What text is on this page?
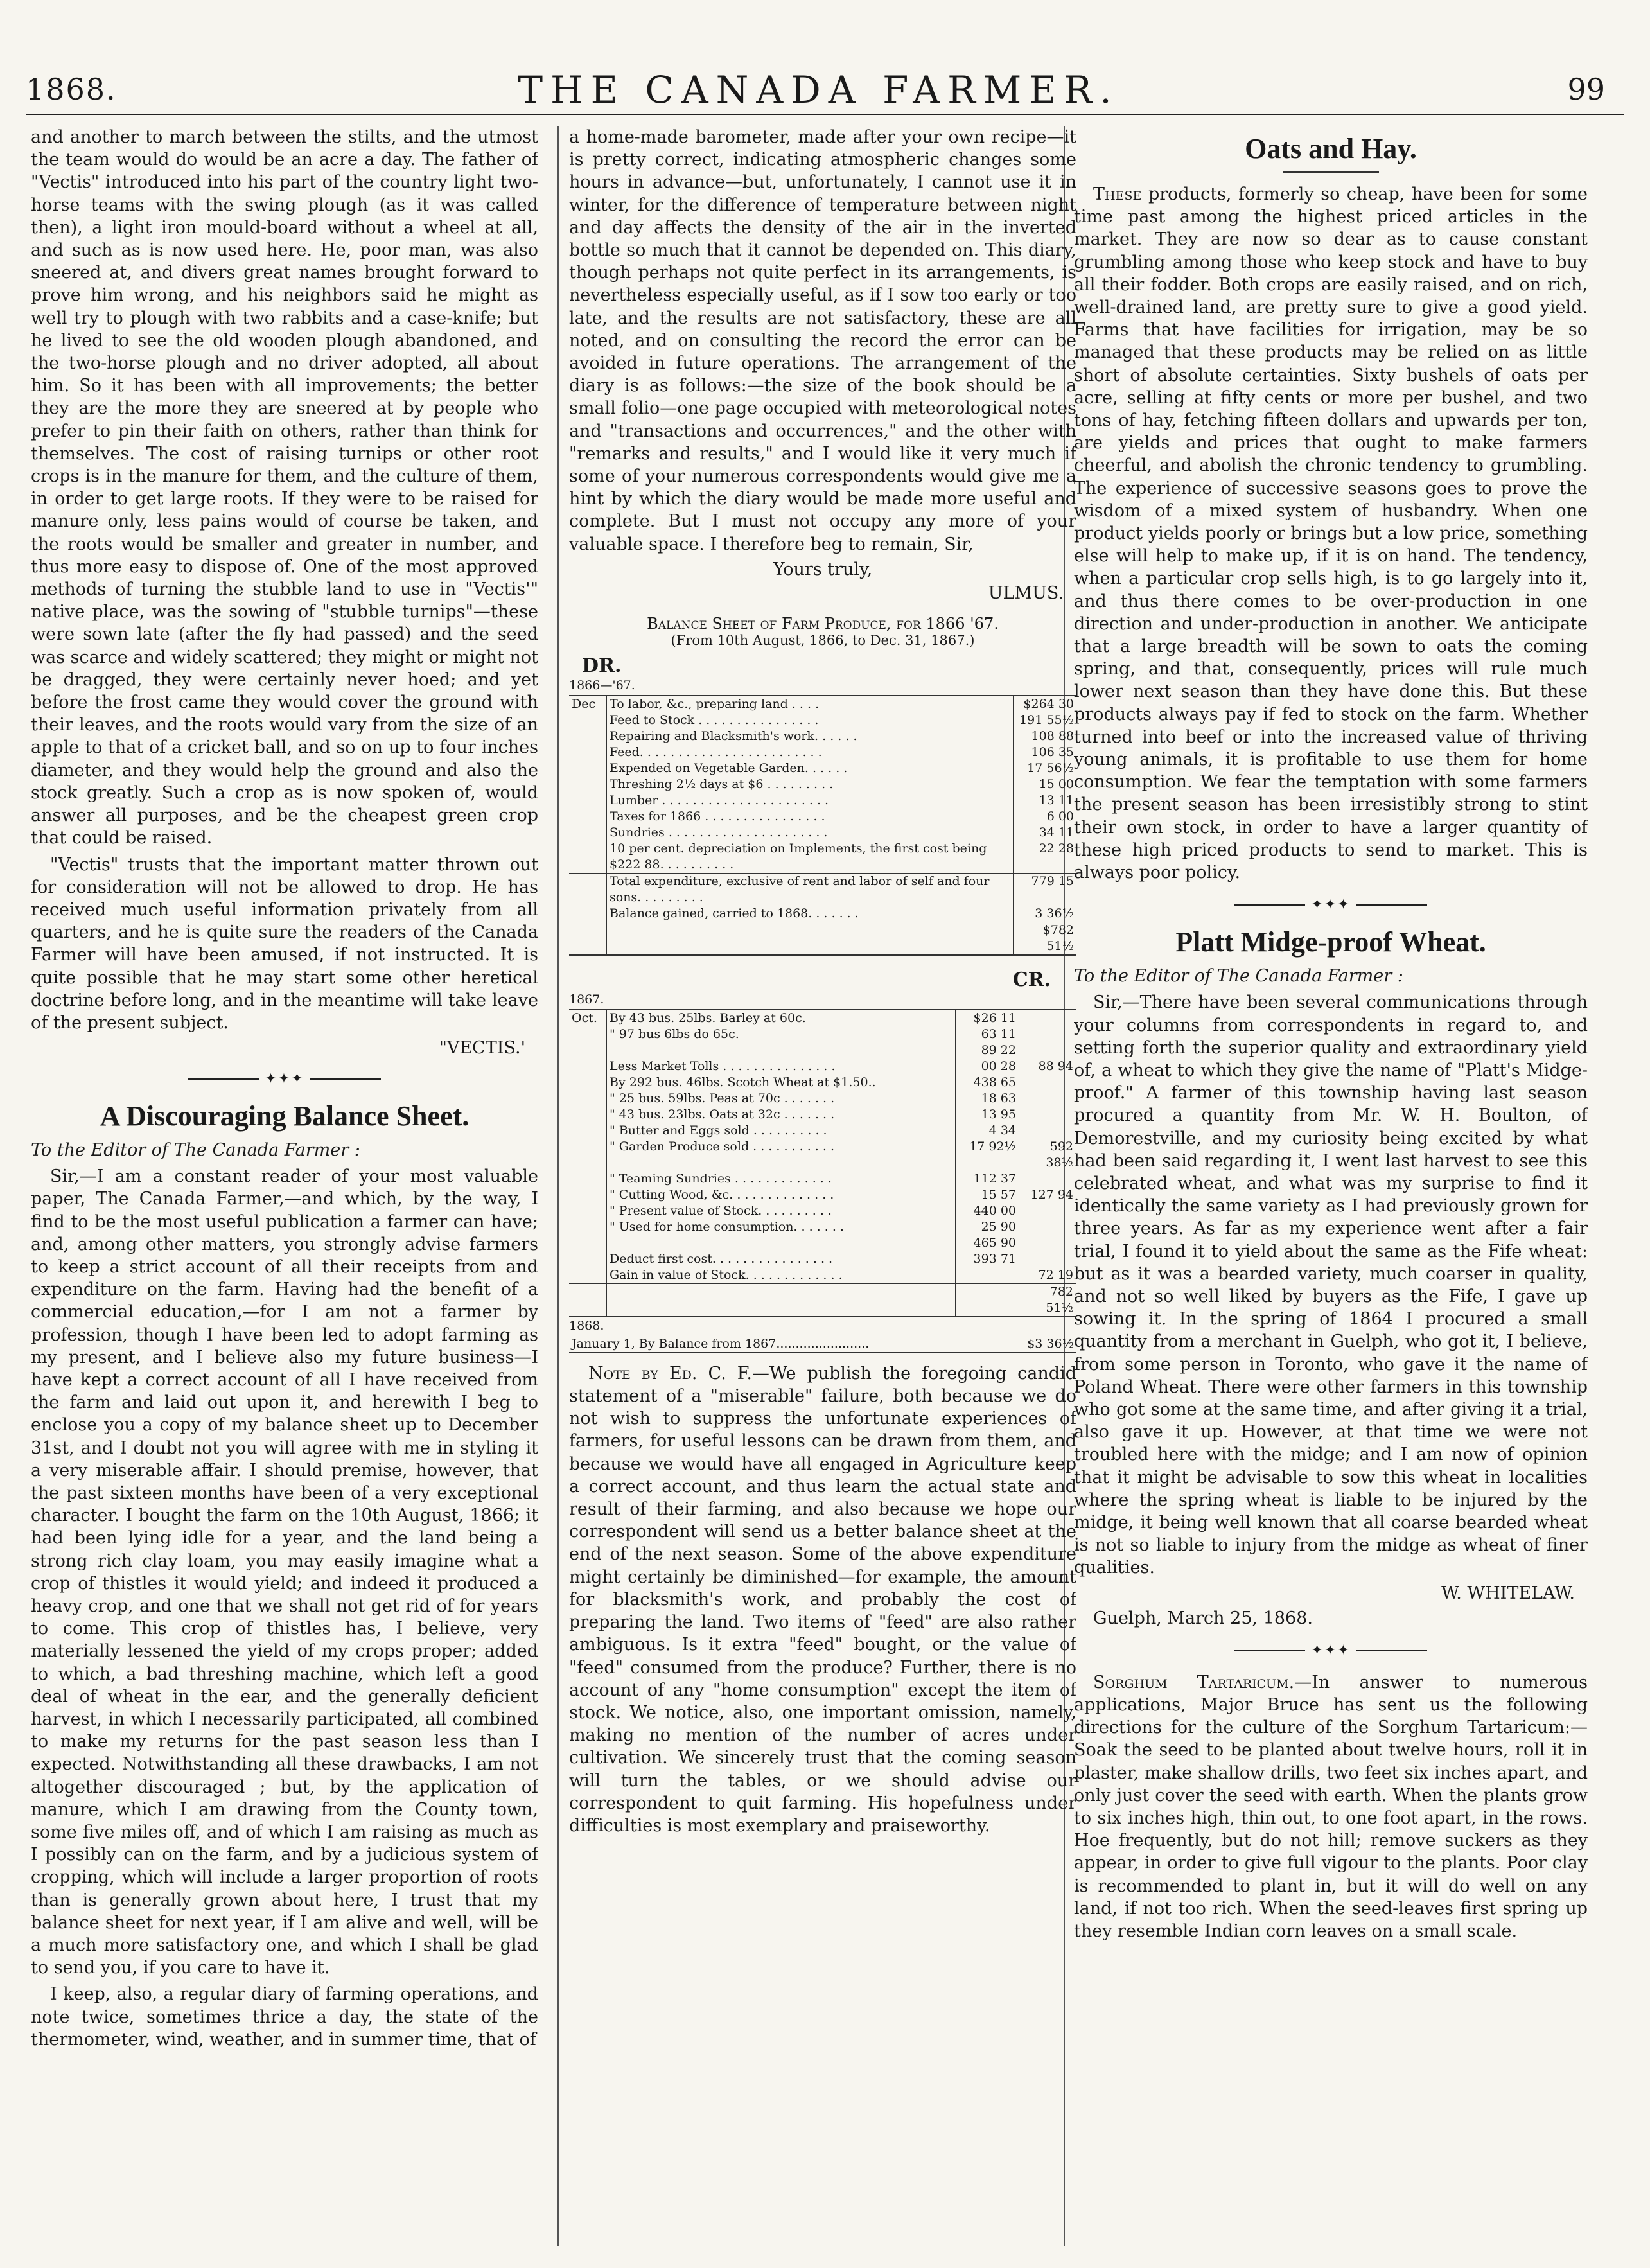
1868.	THE CANADA FARMER.	99

and another to march between the stilts, and the utmost the team would do would be an acre a day. The father of "Vectis" introduced into his part of the country light two-horse teams with the swing plough (as it was called then), a light iron mould-board without a wheel at all, and such as is now used here. He, poor man, was also sneered at, and divers great names brought forward to prove him wrong, and his neighbors said he might as well try to plough with two rabbits and a case-knife; but he lived to see the old wooden plough abandoned, and the two-horse plough and no driver adopted, all about him. So it has been with all improvements; the better they are the more they are sneered at by people who prefer to pin their faith on others, rather than think for themselves. The cost of raising turnips or other root crops is in the manure for them, and the culture of them, in order to get large roots. If they were to be raised for manure only, less pains would of course be taken, and the roots would be smaller and greater in number, and thus more easy to dispose of. One of the most approved methods of turning the stubble land to use in "Vectis'" native place, was the sowing of "stubble turnips"—these were sown late (after the fly had passed) and the seed was scarce and widely scattered; they might or might not be dragged, they were certainly never hoed; and yet before the frost came they would cover the ground with their leaves, and the roots would vary from the size of an apple to that of a cricket ball, and so on up to four inches diameter, and they would help the ground and also the stock greatly. Such a crop as is now spoken of, would answer all purposes, and be the cheapest green crop that could be raised.

"Vectis" trusts that the important matter thrown out for consideration will not be allowed to drop. He has received much useful information privately from all quarters, and he is quite sure the readers of the Canada Farmer will have been amused, if not instructed. It is quite possible that he may start some other heretical doctrine before long, and in the meantime will take leave of the present subject.

"VECTIS.'
✦✦✦
A Discouraging Balance Sheet.
To the Editor of The Canada Farmer :

Sir,—I am a constant reader of your most valuable paper, The Canada Farmer,—and which, by the way, I find to be the most useful publication a farmer can have; and, among other matters, you strongly advise farmers to keep a strict account of all their receipts from and expenditure on the farm. Having had the benefit of a commercial education,—for I am not a farmer by profession, though I have been led to adopt farming as my present, and I believe also my future business—I have kept a correct account of all I have received from the farm and laid out upon it, and herewith I beg to enclose you a copy of my balance sheet up to December 31st, and I doubt not you will agree with me in styling it a very miserable affair. I should premise, however, that the past sixteen months have been of a very exceptional character. I bought the farm on the 10th August, 1866; it had been lying idle for a year, and the land being a strong rich clay loam, you may easily imagine what a crop of thistles it would yield; and indeed it produced a heavy crop, and one that we shall not get rid of for years to come. This crop of thistles has, I believe, very materially lessened the yield of my crops proper; added to which, a bad threshing machine, which left a good deal of wheat in the ear, and the generally deficient harvest, in which I necessarily participated, all combined to make my returns for the past season less than I expected. Notwithstanding all these drawbacks, I am not altogether discouraged ; but, by the application of manure, which I am drawing from the County town, some five miles off, and of which I am raising as much as I possibly can on the farm, and by a judicious system of cropping, which will include a larger proportion of roots than is generally grown about here, I trust that my balance sheet for next year, if I am alive and well, will be a much more satisfactory one, and which I shall be glad to send you, if you care to have it.

I keep, also, a regular diary of farming operations, and note twice, sometimes thrice a day, the state of the thermometer, wind, weather, and in summer time, that of

a home-made barometer, made after your own recipe—it is pretty correct, indicating atmospheric changes some hours in advance—but, unfortunately, I cannot use it in winter, for the difference of temperature between night and day affects the density of the air in the inverted bottle so much that it cannot be depended on. This diary, though perhaps not quite perfect in its arrangements, is nevertheless especially useful, as if I sow too early or too late, and the results are not satisfactory, these are all noted, and on consulting the record the error can be avoided in future operations. The arrangement of the diary is as follows:—the size of the book should be a small folio—one page occupied with meteorological notes and "transactions and occurrences," and the other with "remarks and results," and I would like it very much if some of your numerous correspondents would give me a hint by which the diary would be made more useful and complete. But I must not occupy any more of your valuable space. I therefore beg to remain, Sir,

Yours truly,
ULMUS.
Balance Sheet of Farm Produce, for 1866 '67.
(From 10th August, 1866, to Dec. 31, 1867.)
DR.
1866—'67.
Dec	To labor, &c., preparing land . . . .	$264 30
	Feed to Stock . . . . . . . . . . . . . . . .	191 55½
	Repairing and Blacksmith's work. . . . . .	108 88
	Feed. . . . . . . . . . . . . . . . . . . . . . . .	106 35
	Expended on Vegetable Garden. . . . . .	17 56½
	Threshing 2½ days at $6 . . . . . . . . .	15 00
	Lumber . . . . . . . . . . . . . . . . . . . . . .	13 11
	Taxes for 1866 . . . . . . . . . . . . . . . .	6 00
	Sundries . . . . . . . . . . . . . . . . . . . . .	34 11
	10 per cent. depreciation on Implements, the first cost being $222 88. . . . . . . . . .	22 28
	Total expenditure, exclusive of rent and labor of self and four sons. . . . . . . . .	779 15
	Balance gained, carried to 1868. . . . . . .	3 36½
		$782 51½
CR.
1867.
Oct.	By 43 bus. 25lbs. Barley at 60c.	$26 11	
	" 97 bus 6lbs do 65c.	63 11	
		89 22	
	Less Market Tolls . . . . . . . . . . . . . . .	00 28	88 94
	By 292 bus. 46lbs. Scotch Wheat at $1.50..	438 65	
	" 25 bus. 59lbs. Peas at 70c . . . . . . .	18 63	
	" 43 bus. 23lbs. Oats at 32c . . . . . . .	13 95	
	" Butter and Eggs sold . . . . . . . . . .	4 34	
	" Garden Produce sold . . . . . . . . . . .	17 92½	592 38½
	" Teaming Sundries . . . . . . . . . . . . .	112 37	
	" Cutting Wood, &c. . . . . . . . . . . . . .	15 57	127 94
	" Present value of Stock. . . . . . . . . .	440 00	
	" Used for home consumption. . . . . . .	25 90	
		465 90	
	Deduct first cost. . . . . . . . . . . . . . . .	393 71	
	Gain in value of Stock. . . . . . . . . . . . .		72 19
			782 51½
1868.
January 1, By Balance from 1867........................	$3 36½

Note by Ed. C. F.—We publish the foregoing candid statement of a "miserable" failure, both because we do not wish to suppress the unfortunate experiences of farmers, for useful lessons can be drawn from them, and because we would have all engaged in Agriculture keep a correct account, and thus learn the actual state and result of their farming, and also because we hope our correspondent will send us a better balance sheet at the end of the next season. Some of the above expenditure might certainly be diminished—for example, the amount for blacksmith's work, and probably the cost of preparing the land. Two items of "feed" are also rather ambiguous. Is it extra "feed" bought, or the value of "feed" consumed from the produce? Further, there is no account of any "home consumption" except the item of stock. We notice, also, one important omission, namely, making no mention of the number of acres under cultivation. We sincerely trust that the coming season will turn the tables, or we should advise our correspondent to quit farming. His hopefulness under difficulties is most exemplary and praiseworthy.

Oats and Hay.

These products, formerly so cheap, have been for some time past among the highest priced articles in the market. They are now so dear as to cause constant grumbling among those who keep stock and have to buy all their fodder. Both crops are easily raised, and on rich, well-drained land, are pretty sure to give a good yield. Farms that have facilities for irrigation, may be so managed that these products may be relied on as little short of absolute certainties. Sixty bushels of oats per acre, selling at fifty cents or more per bushel, and two tons of hay, fetching fifteen dollars and upwards per ton, are yields and prices that ought to make farmers cheerful, and abolish the chronic tendency to grumbling. The experience of successive seasons goes to prove the wisdom of a mixed system of husbandry. When one product yields poorly or brings but a low price, something else will help to make up, if it is on hand. The tendency, when a particular crop sells high, is to go largely into it, and thus there comes to be over-production in one direction and under-production in another. We anticipate that a large breadth will be sown to oats the coming spring, and that, consequently, prices will rule much lower next season than they have done this. But these products always pay if fed to stock on the farm. Whether turned into beef or into the increased value of thriving young animals, it is profitable to use them for home consumption. We fear the temptation with some farmers the present season has been irresistibly strong to stint their own stock, in order to have a larger quantity of these high priced products to send to market. This is always poor policy.

✦✦✦
Platt Midge-proof Wheat.
To the Editor of The Canada Farmer :

Sir,—There have been several communications through your columns from correspondents in regard to, and setting forth the superior quality and extraordinary yield of, a wheat to which they give the name of "Platt's Midge-proof." A farmer of this township having last season procured a quantity from Mr. W. H. Boulton, of Demorestville, and my curiosity being excited by what had been said regarding it, I went last harvest to see this celebrated wheat, and what was my surprise to find it identically the same variety as I had previously grown for three years. As far as my experience went after a fair trial, I found it to yield about the same as the Fife wheat: but as it was a bearded variety, much coarser in quality, and not so well liked by buyers as the Fife, I gave up sowing it. In the spring of 1864 I procured a small quantity from a merchant in Guelph, who got it, I believe, from some person in Toronto, who gave it the name of Poland Wheat. There were other farmers in this township who got some at the same time, and after giving it a trial, also gave it up. However, at that time we were not troubled here with the midge; and I am now of opinion that it might be advisable to sow this wheat in localities where the spring wheat is liable to be injured by the midge, it being well known that all coarse bearded wheat is not so liable to injury from the midge as wheat of finer qualities.

W. WHITELAW.

Guelph, March 25, 1868.

✦✦✦

Sorghum Tartaricum.—In answer to numerous applications, Major Bruce has sent us the following directions for the culture of the Sorghum Tartaricum:—Soak the seed to be planted about twelve hours, roll it in plaster, make shallow drills, two feet six inches apart, and only just cover the seed with earth. When the plants grow to six inches high, thin out, to one foot apart, in the rows. Hoe frequently, but do not hill; remove suckers as they appear, in order to give full vigour to the plants. Poor clay is recommended to plant in, but it will do well on any land, if not too rich. When the seed-leaves first spring up they resemble Indian corn leaves on a small scale.
